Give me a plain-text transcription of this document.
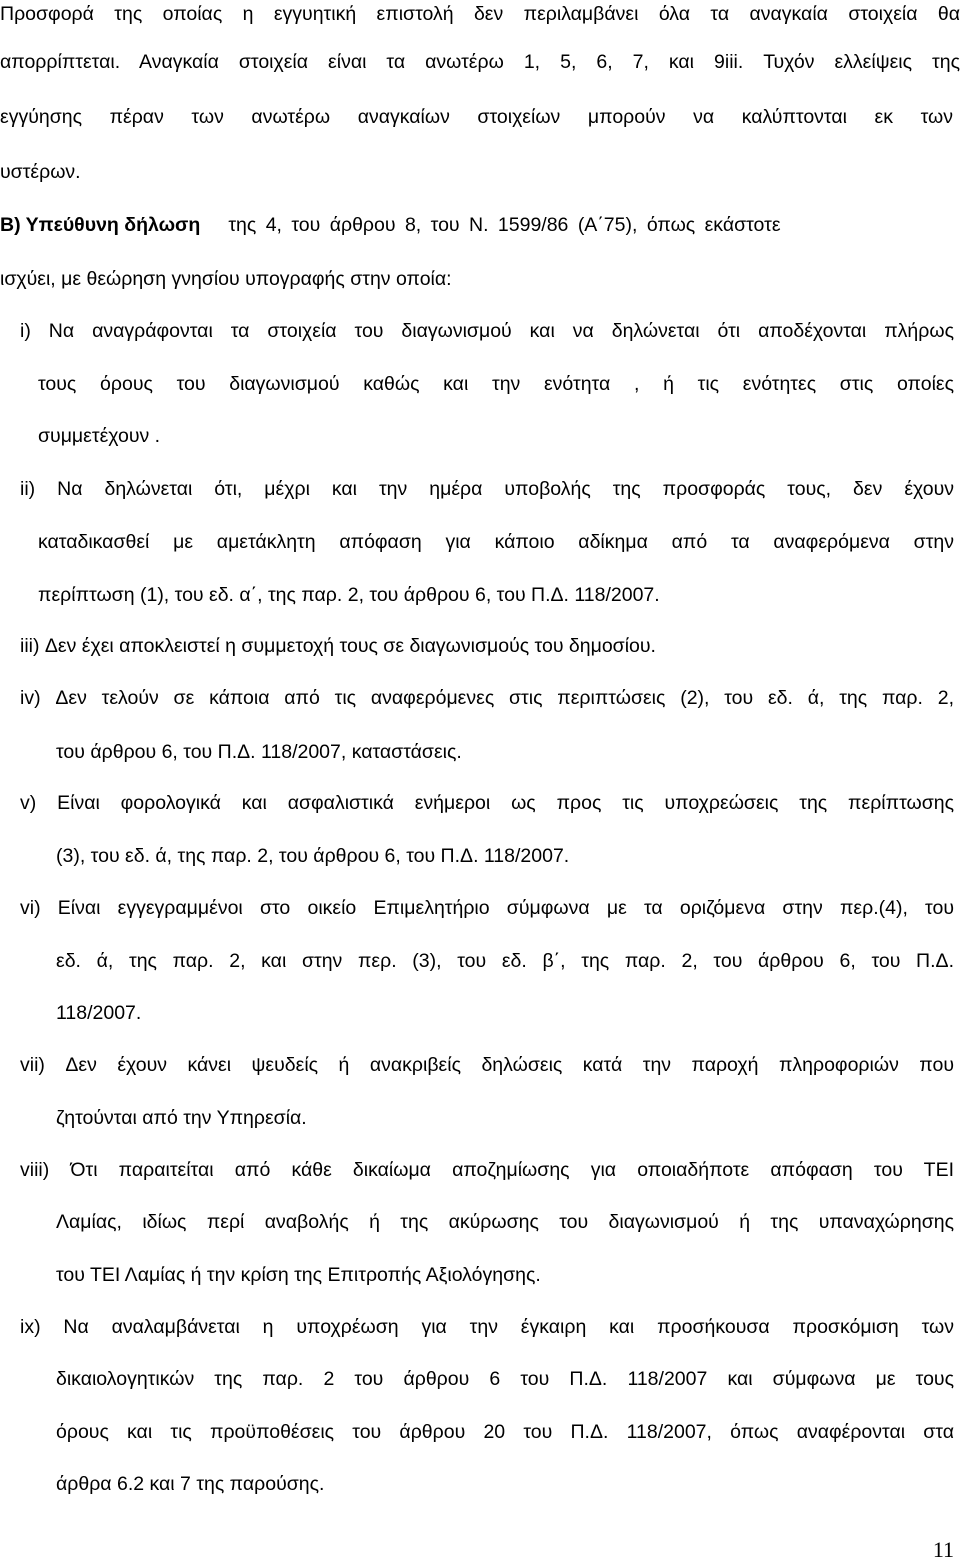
Προσφορά της οποίας η εγγυητική επιστολή δεν περιλαμβάνει όλα τα αναγκαία στοιχεία θα
απορρίπτεται. Αναγκαία στοιχεία είναι τα ανωτέρω 1, 5, 6, 7, και 9iii. Τυχόν ελλείψεις της
εγγύησης πέραν των ανωτέρω αναγκαίων στοιχείων μπορούν να καλύπτονται εκ των
υστέρων.
Β) Υπεύθυνη δήλωση της 4, του άρθρου 8, του Ν. 1599/86 (Α΄75), όπως εκάστοτε
ισχύει, με θεώρηση γνησίου υπογραφής στην οποία:
i) Να αναγράφονται τα στοιχεία του διαγωνισμού και να δηλώνεται ότι αποδέχονται πλήρως
τους όρους του διαγωνισμού καθώς και την ενότητα , ή τις ενότητες στις οποίες
συμμετέχουν .
ii) Να δηλώνεται ότι, μέχρι και την ημέρα υποβολής της προσφοράς τους, δεν έχουν
καταδικασθεί με αμετάκλητη απόφαση για κάποιο αδίκημα από τα αναφερόμενα στην
περίπτωση (1), του εδ. α΄, της παρ. 2, του άρθρου 6, του Π.Δ. 118/2007.
iii) Δεν έχει αποκλειστεί η συμμετοχή τους σε διαγωνισμούς του δημοσίου.
iv) Δεν τελούν σε κάποια από τις αναφερόμενες στις περιπτώσεις (2), του εδ. ά, της παρ. 2,
του άρθρου 6, του Π.Δ. 118/2007, καταστάσεις.
v) Είναι φορολογικά και ασφαλιστικά ενήμεροι ως προς τις υποχρεώσεις της περίπτωσης
(3), του εδ. ά, της παρ. 2, του άρθρου 6, του Π.Δ. 118/2007.
vi) Είναι εγγεγραμμένοι στο οικείο Επιμελητήριο σύμφωνα με τα οριζόμενα στην περ.(4), του
εδ. ά, της παρ. 2, και στην περ. (3), του εδ. β΄, της παρ. 2, του άρθρου 6, του Π.Δ.
118/2007.
vii) Δεν έχουν κάνει ψευδείς ή ανακριβείς δηλώσεις κατά την παροχή πληροφοριών που
ζητούνται από την Υπηρεσία.
viii) Ότι παραιτείται από κάθε δικαίωμα αποζημίωσης για οποιαδήποτε απόφαση του ΤΕΙ
Λαμίας, ιδίως περί αναβολής ή της ακύρωσης του διαγωνισμού ή της υπαναχώρησης
του ΤΕΙ Λαμίας ή την κρίση της Επιτροπής Αξιολόγησης.
ix) Να αναλαμβάνεται η υποχρέωση για την έγκαιρη και προσήκουσα προσκόμιση των
δικαιολογητικών της παρ. 2 του άρθρου 6 του Π.Δ. 118/2007 και σύμφωνα με τους
όρους και τις προϋποθέσεις του άρθρου 20 του Π.Δ. 118/2007, όπως αναφέρονται στα
άρθρα 6.2 και 7 της παρούσης.
11
